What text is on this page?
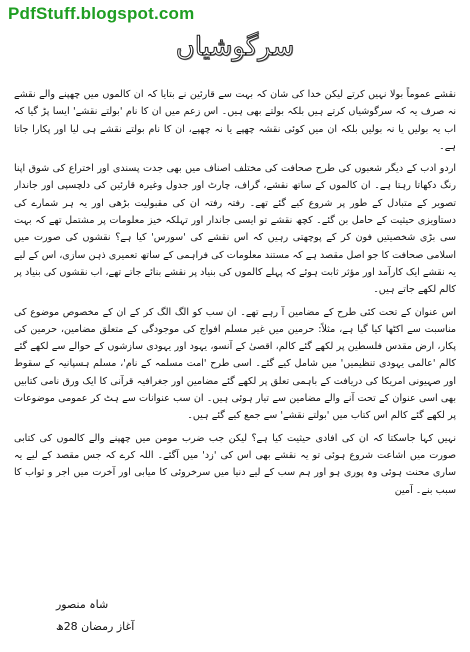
PdfStuff.blogspot.com
سرگوشیاں

نقشے عموماً بولا نہیں کرتے لیکن خدا کی شان کہ بہت سے قارئین نے بتایا کہ ان کالموں میں چھپنے والے نقشے نہ صرف یہ کہ سرگوشیاں کرتے ہیں بلکہ بولتے بھی ہیں۔ اس زعم میں ان کا نام 'بولتے نقشے' ایسا پڑ گیا کہ اب یہ بولیں یا نہ بولیں بلکہ ان میں کوئی نقشہ چھپے یا نہ چھپے، ان کا نام بولتے نقشے ہی لیا اور پکارا جاتا ہے۔

اردو ادب کے دیگر شعبوں کی طرح صحافت کی مختلف اصناف میں بھی جدت پسندی اور اختراع کی شوق اپنا رنگ دکھاتا رہتا ہے۔ ان کالموں کے ساتھ نقشے، گراف، چارٹ اور جدول وغیرہ قارئین کی دلچسپی اور جاندار تصویر کے متبادل کے طور پر شروع کیے گئے تھے۔ رفتہ رفتہ ان کی مقبولیت بڑھی اور یہ ہر شمارے کی دستاویزی حیثیت کے حامل بن گئے۔ کچھ نقشے تو ایسی جاندار اور تہلکہ خیز معلومات پر مشتمل تھے کہ بہت سی بڑی شخصیتیں فون کر کے پوچھتی رہیں کہ اس نقشے کی 'سورس' کیا ہے؟ نقشوں کی صورت میں اسلامی صحافت کا جو اصل مقصد ہے کہ مستند معلومات کی فراہمی کے ساتھ تعمیری ذہن سازی، اس کے لیے یہ نقشے ایک کارآمد اور مؤثر ثابت ہوئے کہ پہلے کالموں کی بنیاد پر نقشے بنائے جاتے تھے، اب نقشوں کی بنیاد پر کالم لکھے جاتے ہیں۔

اس عنوان کے تحت کئی طرح کے مضامین آ رہے تھے۔ ان سب کو الگ الگ کر کے ان کے مخصوص موضوع کی مناسبت سے اکٹھا کیا گیا ہے، مثلاً: حرمین میں غیر مسلم افواج کی موجودگی کے متعلق مضامین، حرمین کی پکار، ارض مقدس فلسطین پر لکھے گئے کالم، اقصیٰ کے آنسو، یہود اور یہودی سازشوں کے حوالے سے لکھے گئے کالم 'عالمی یہودی تنظیمیں' میں شامل کیے گئے۔ اسی طرح 'امت مسلمہ کے نام'، مسلم ہسپانیہ کے سقوط اور صہیونی امریکا کی دریافت کے باہمی تعلق پر لکھے گئے مضامین اور جغرافیہ قرآنی کا ایک ورق نامی کتابیں بھی اسی عنوان کے تحت آنے والے مضامین سے تیار ہوئی ہیں۔ ان سب عنوانات سے ہٹ کر عمومی موضوعات پر لکھے گئے کالم اس کتاب میں 'بولتے نقشے' سے جمع کیے گئے ہیں۔

نہیں کہا جاسکتا کہ ان کی افادی حیثیت کیا ہے؟ لیکن جب ضرب مومن میں چھپنے والے کالموں کی کتابی صورت میں اشاعت شروع ہوئی تو یہ نقشے بھی اس کی 'زد' میں آگئے۔ اللہ کرے کہ جس مقصد کے لیے یہ ساری محنت ہوئی وہ پوری ہو اور ہم سب کے لیے دنیا میں سرخروئی کا میابی اور آخرت میں اجر و ثواب کا سبب بنے۔ آمین

شاہ منصور
آغاز رمضان 28ھ
